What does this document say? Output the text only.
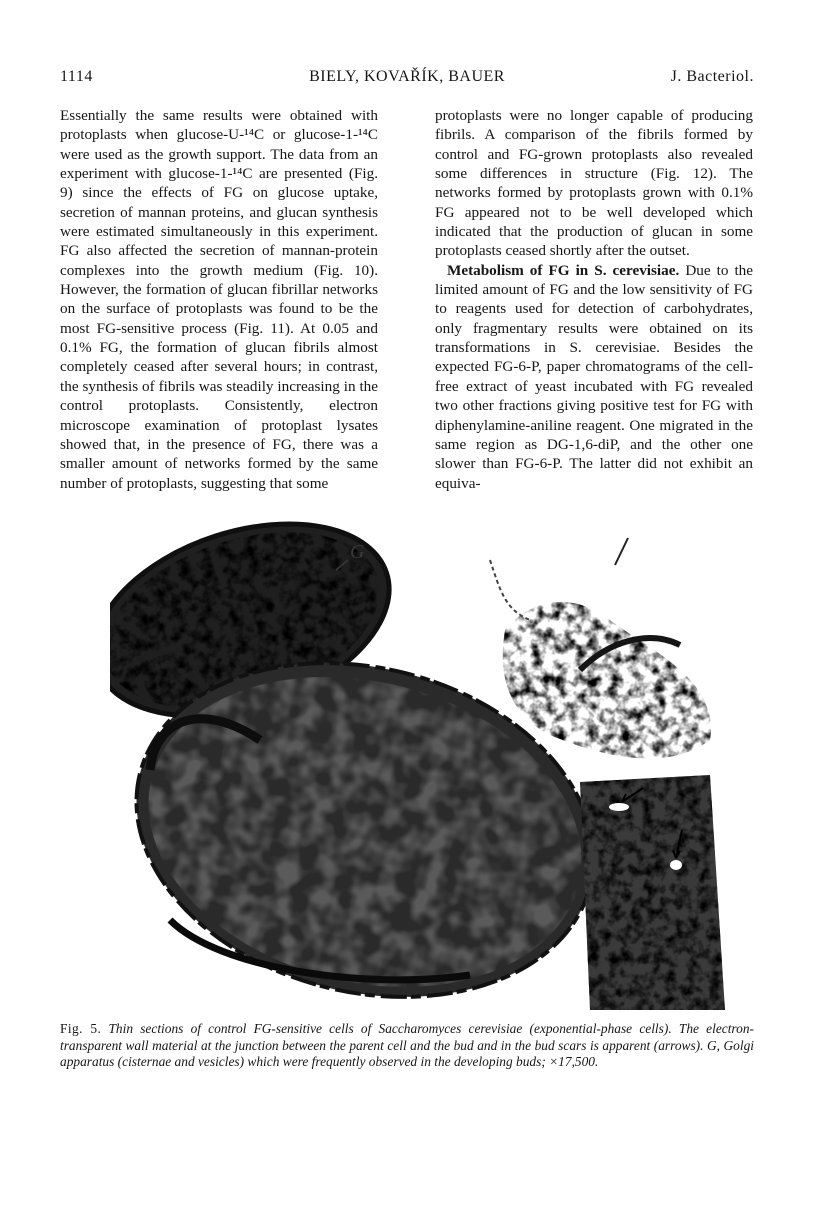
1114	BIELY, KOVAŘÍK, BAUER	J. Bacteriol.

Essentially the same results were obtained with protoplasts when glucose-U-¹⁴C or glucose-1-¹⁴C were used as the growth support. The data from an experiment with glucose-1-¹⁴C are presented (Fig. 9) since the effects of FG on glucose uptake, secretion of mannan proteins, and glucan synthesis were estimated simultaneously in this experiment. FG also affected the secretion of mannan-protein complexes into the growth medium (Fig. 10). However, the formation of glucan fibrillar networks on the surface of protoplasts was found to be the most FG-sensitive process (Fig. 11). At 0.05 and 0.1% FG, the formation of glucan fibrils almost completely ceased after several hours; in contrast, the synthesis of fibrils was steadily increasing in the control protoplasts. Consistently, electron microscope examination of protoplast lysates showed that, in the presence of FG, there was a smaller amount of networks formed by the same number of protoplasts, suggesting that some

protoplasts were no longer capable of producing fibrils. A comparison of the fibrils formed by control and FG-grown protoplasts also revealed some differences in structure (Fig. 12). The networks formed by protoplasts grown with 0.1% FG appeared not to be well developed which indicated that the production of glucan in some protoplasts ceased shortly after the outset.

Metabolism of FG in S. cerevisiae. Due to the limited amount of FG and the low sensitivity of FG to reagents used for detection of carbohydrates, only fragmentary results were obtained on its transformations in S. cerevisiae. Besides the expected FG-6-P, paper chromatograms of the cell-free extract of yeast incubated with FG revealed two other fractions giving positive test for FG with diphenylamine-aniline reagent. One migrated in the same region as DG-1,6-diP, and the other one slower than FG-6-P. The latter did not exhibit an equiva-

G
Fig. 5. Thin sections of control FG-sensitive cells of Saccharomyces cerevisiae (exponential-phase cells). The electron-transparent wall material at the junction between the parent cell and the bud and in the bud scars is apparent (arrows). G, Golgi apparatus (cisternae and vesicles) which were frequently observed in the developing buds; ×17,500.
